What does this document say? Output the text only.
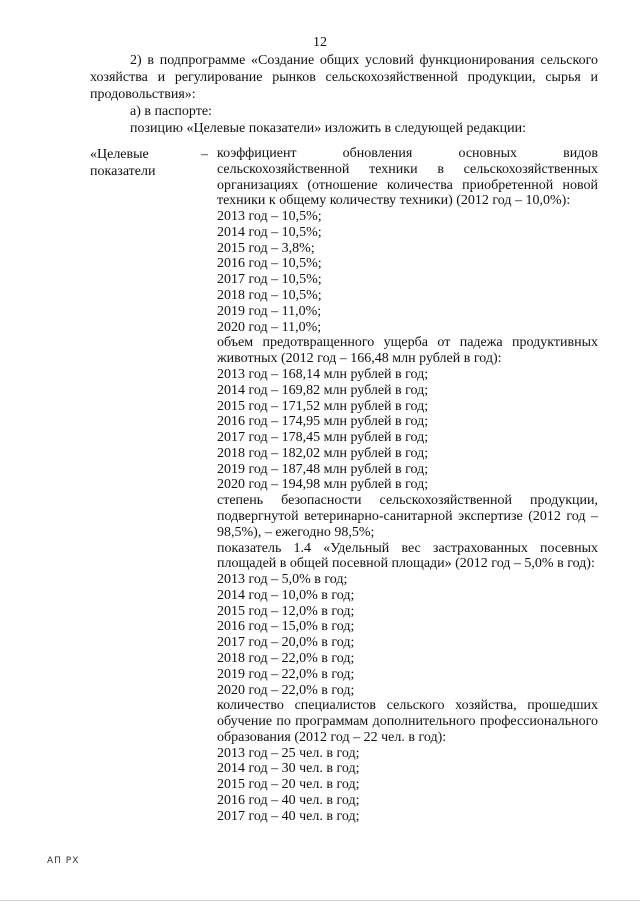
12

2) в подпрограмме «Создание общих условий функционирования сельского хозяйства и регулирование рынков сельскохозяйственной продукции, сырья и продовольствия»:

а) в паспорте:

позицию «Целевые показатели» изложить в следующей редакции:

«Целевые показатели
– коэффициент обновления основных видов сельскохозяйственной техники в сельскохозяйственных организациях (отношение количества приобретенной новой техники к общему количеству техники) (2012 год – 10,0%):

2013 год – 10,5%;

2014 год – 10,5%;

2015 год – 3,8%;

2016 год – 10,5%;

2017 год – 10,5%;

2018 год – 10,5%;

2019 год – 11,0%;

2020 год – 11,0%;

объем предотвращенного ущерба от падежа продуктивных животных (2012 год – 166,48 млн рублей в год):

2013 год – 168,14 млн рублей в год;

2014 год – 169,82 млн рублей в год;

2015 год – 171,52 млн рублей в год;

2016 год – 174,95 млн рублей в год;

2017 год – 178,45 млн рублей в год;

2018 год – 182,02 млн рублей в год;

2019 год – 187,48 млн рублей в год;

2020 год – 194,98 млн рублей в год;

степень безопасности сельскохозяйственной продукции, подвергнутой ветеринарно-санитарной экспертизе (2012 год – 98,5%), – ежегодно 98,5%;

показатель 1.4 «Удельный вес застрахованных посевных площадей в общей посевной площади» (2012 год – 5,0% в год):

2013 год – 5,0% в год;

2014 год – 10,0% в год;

2015 год – 12,0% в год;

2016 год – 15,0% в год;

2017 год – 20,0% в год;

2018 год – 22,0% в год;

2019 год – 22,0% в год;

2020 год – 22,0% в год;

количество специалистов сельского хозяйства, прошедших обучение по программам дополнительного профессионального образования (2012 год – 22 чел. в год):

2013 год – 25 чел. в год;

2014 год – 30 чел. в год;

2015 год – 20 чел. в год;

2016 год – 40 чел. в год;

2017 год – 40 чел. в год;

АП РХ
